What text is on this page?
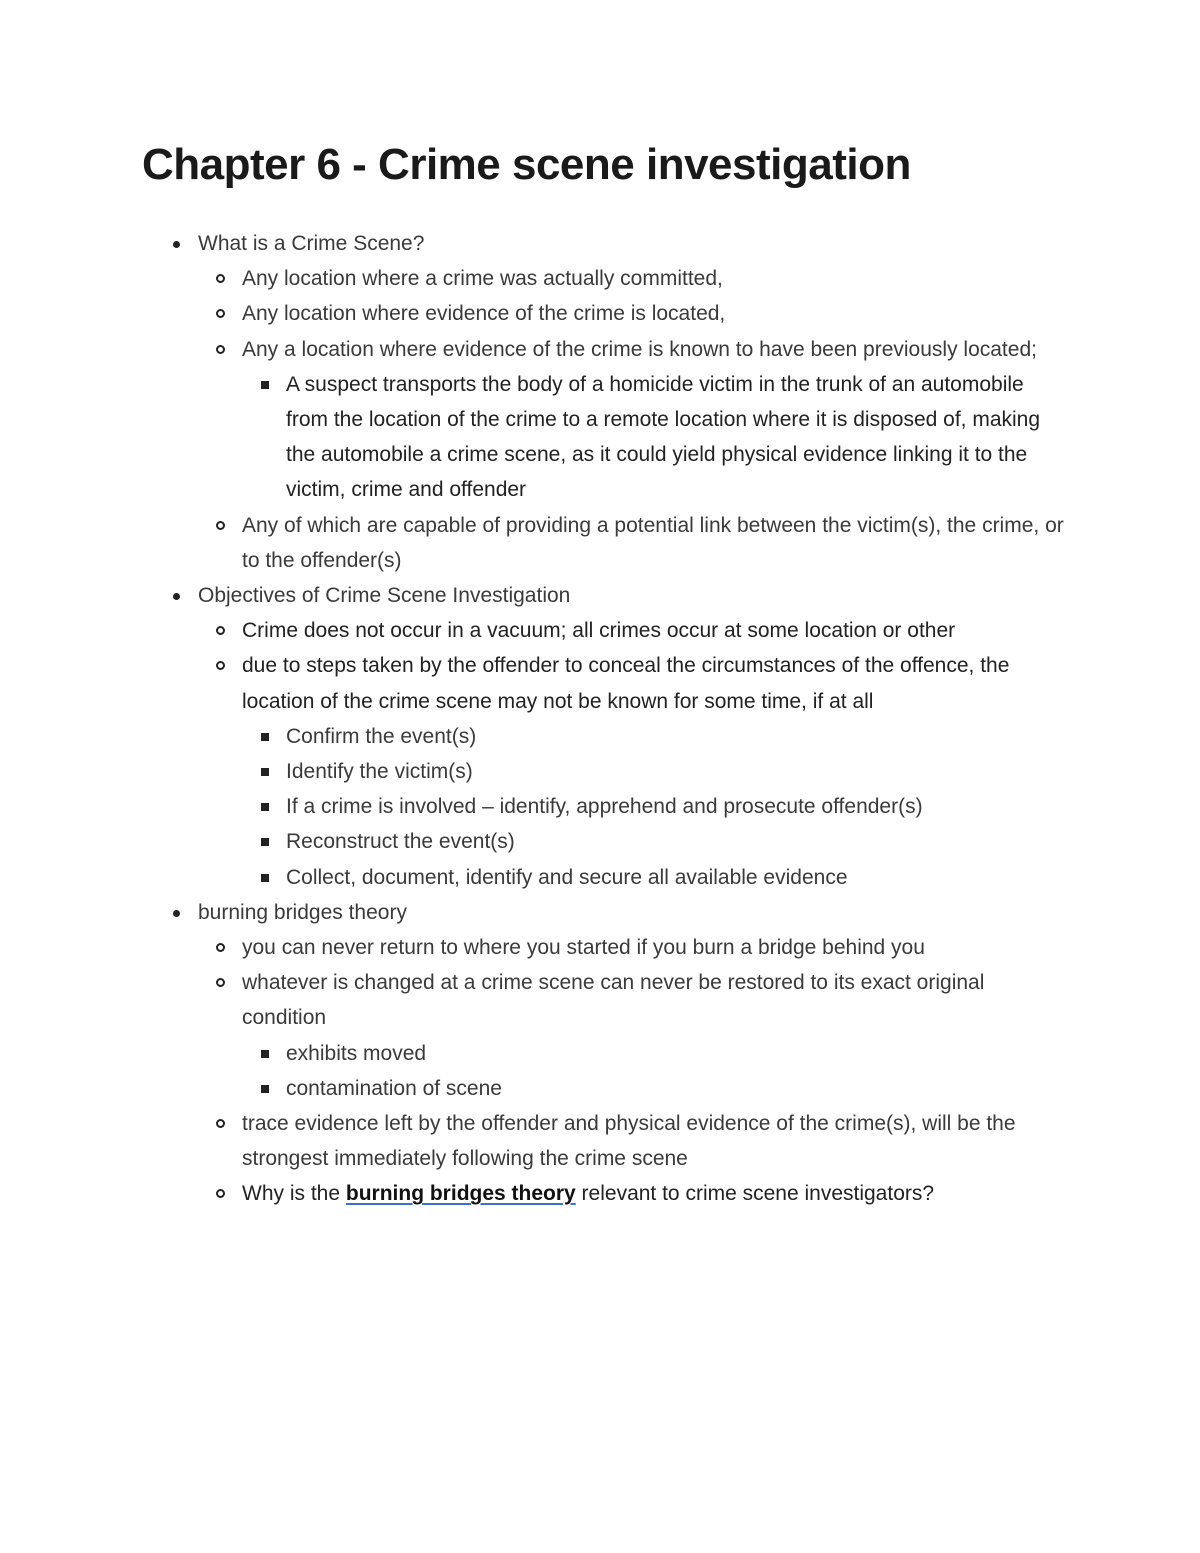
Chapter 6 - Crime scene investigation
What is a Crime Scene?
Any location where a crime was actually committed,
Any location where evidence of the crime is located,
Any a location where evidence of the crime is known to have been previously located;
A suspect transports the body of a homicide victim in the trunk of an automobile from the location of the crime to a remote location where it is disposed of, making the automobile a crime scene, as it could yield physical evidence linking it to the victim, crime and offender
Any of which are capable of providing a potential link between the victim(s), the crime, or to the offender(s)
Objectives of Crime Scene Investigation
Crime does not occur in a vacuum; all crimes occur at some location or other
due to steps taken by the offender to conceal the circumstances of the offence, the location of the crime scene may not be known for some time, if at all
Confirm the event(s)
Identify the victim(s)
If a crime is involved – identify, apprehend and prosecute offender(s)
Reconstruct the event(s)
Collect, document, identify and secure all available evidence
burning bridges theory
you can never return to where you started if you burn a bridge behind you
whatever is changed at a crime scene can never be restored to its exact original condition
exhibits moved
contamination of scene
trace evidence left by the offender and physical evidence of the crime(s), will be the strongest immediately following the crime scene
Why is the burning bridges theory relevant to crime scene investigators?
